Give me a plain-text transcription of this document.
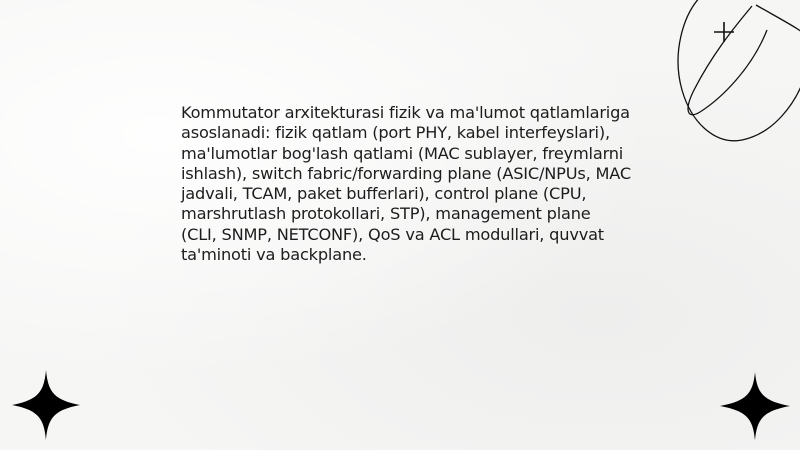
Kommutator arxitekturasi fizik va ma'lumot qatlamlariga asoslanadi: fizik qatlam (port PHY, kabel interfeyslari), ma'lumotlar bog'lash qatlami (MAC sublayer, freymlarni ishlash), switch fabric/forwarding plane (ASIC/NPUs, MAC jadvali, TCAM, paket bufferlari), control plane (CPU, marshrutlash protokollari, STP), management plane (CLI, SNMP, NETCONF), QoS va ACL modullari, quvvat ta'minoti va backplane.
